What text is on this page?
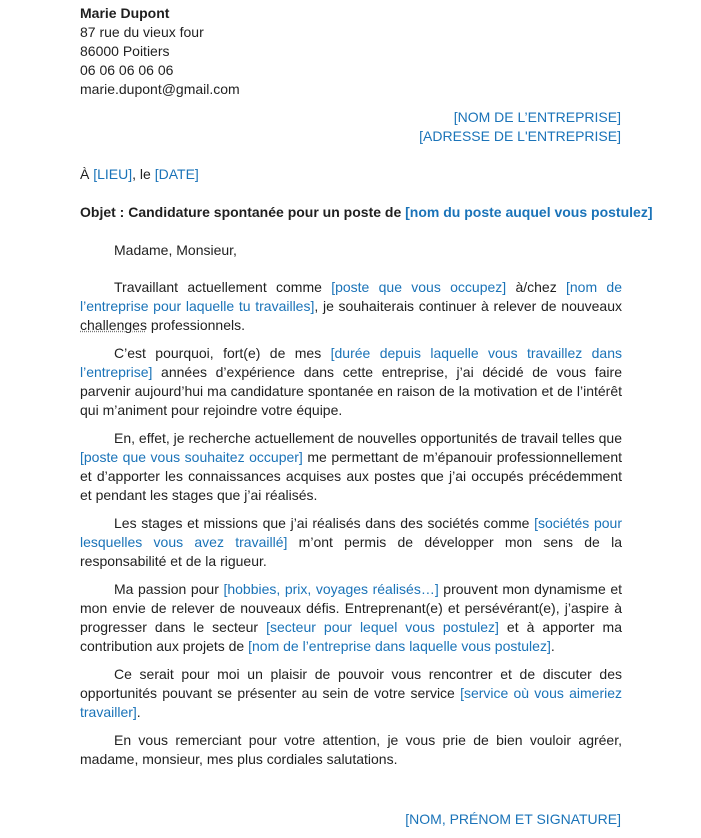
Marie Dupont
87 rue du vieux four
86000 Poitiers
06 06 06 06 06
marie.dupont@gmail.com
[NOM DE L’ENTREPRISE]
[ADRESSE DE L'ENTREPRISE]
À [LIEU], le [DATE]
Objet : Candidature spontanée pour un poste de [nom du poste auquel vous postulez]
Madame, Monsieur,

Travaillant actuellement comme [poste que vous occupez] à/chez [nom de l’entreprise pour laquelle tu travailles], je souhaiterais continuer à relever de nouveaux challenges professionnels.

C’est pourquoi, fort(e) de mes [durée depuis laquelle vous travaillez dans l’entreprise] années d’expérience dans cette entreprise, j’ai décidé de vous faire parvenir aujourd’hui ma candidature spontanée en raison de la motivation et de l’intérêt qui m’animent pour rejoindre votre équipe.

En, effet, je recherche actuellement de nouvelles opportunités de travail telles que [poste que vous souhaitez occuper] me permettant de m’épanouir professionnellement et d’apporter les connaissances acquises aux postes que j’ai occupés précédemment et pendant les stages que j’ai réalisés.

Les stages et missions que j’ai réalisés dans des sociétés comme [sociétés pour lesquelles vous avez travaillé] m’ont permis de développer mon sens de la responsabilité et de la rigueur.

Ma passion pour [hobbies, prix, voyages réalisés…] prouvent mon dynamisme et mon envie de relever de nouveaux défis. Entreprenant(e) et persévérant(e), j’aspire à progresser dans le secteur [secteur pour lequel vous postulez] et à apporter ma contribution aux projets de [nom de l’entreprise dans laquelle vous postulez].

Ce serait pour moi un plaisir de pouvoir vous rencontrer et de discuter des opportunités pouvant se présenter au sein de votre service [service où vous aimeriez travailler].

En vous remerciant pour votre attention, je vous prie de bien vouloir agréer, madame, monsieur, mes plus cordiales salutations.

[NOM, PRÉNOM ET SIGNATURE]
